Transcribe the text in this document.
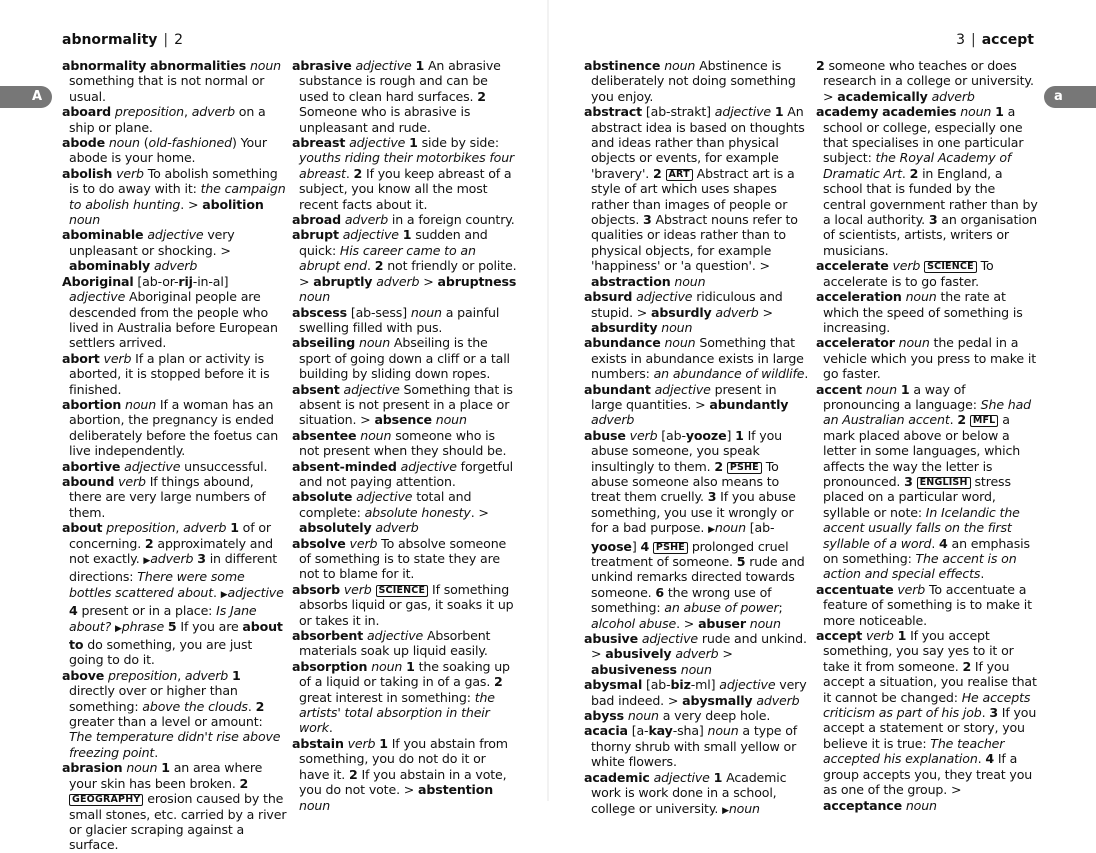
abnormality | 2
A
abnormality abnormalities noun something that is not normal or usual.
aboard preposition, adverb on a ship or plane.
abode noun (old-fashioned) Your abode is your home.
abolish verb To abolish something is to do away with it: the campaign to abolish hunting. > abolition noun
abominable adjective very unpleasant or shocking. > abominably adverb
Aboriginal [ab-or-rij-in-al] adjective Aboriginal people are descended from the people who lived in Australia before European settlers arrived.
abort verb If a plan or activity is aborted, it is stopped before it is finished.
abortion noun If a woman has an abortion, the pregnancy is ended deliberately before the foetus can live independently.
abortive adjective unsuccessful.
abound verb If things abound, there are very large numbers of them.
about preposition, adverb 1 of or concerning. 2 approximately and not exactly. ▶adverb 3 in different directions: There were some bottles scattered about. ▶adjective 4 present or in a place: Is Jane about? ▶phrase 5 If you are about to do something, you are just going to do it.
above preposition, adverb 1 directly over or higher than something: above the clouds. 2 greater than a level or amount: The temperature didn't rise above freezing point.
abrasion noun 1 an area where your skin has been broken. 2 GEOGRAPHY erosion caused by the small stones, etc. carried by a river or glacier scraping against a surface.
abrasive adjective 1 An abrasive substance is rough and can be used to clean hard surfaces. 2 Someone who is abrasive is unpleasant and rude.
abreast adjective 1 side by side: youths riding their motorbikes four abreast. 2 If you keep abreast of a subject, you know all the most recent facts about it.
abroad adverb in a foreign country.
abrupt adjective 1 sudden and quick: His career came to an abrupt end. 2 not friendly or polite. > abruptly adverb > abruptness noun
abscess [ab-sess] noun a painful swelling filled with pus.
abseiling noun Abseiling is the sport of going down a cliff or a tall building by sliding down ropes.
absent adjective Something that is absent is not present in a place or situation. > absence noun
absentee noun someone who is not present when they should be.
absent-minded adjective forgetful and not paying attention.
absolute adjective total and complete: absolute honesty. > absolutely adverb
absolve verb To absolve someone of something is to state they are not to blame for it.
absorb verb SCIENCE If something absorbs liquid or gas, it soaks it up or takes it in.
absorbent adjective Absorbent materials soak up liquid easily.
absorption noun 1 the soaking up of a liquid or taking in of a gas. 2 great interest in something: the artists' total absorption in their work.
abstain verb 1 If you abstain from something, you do not do it or have it. 2 If you abstain in a vote, you do not vote. > abstention noun
3 | accept
a
abstinence noun Abstinence is deliberately not doing something you enjoy.
abstract [ab-strakt] adjective 1 An abstract idea is based on thoughts and ideas rather than physical objects or events, for example 'bravery'. 2 ART Abstract art is a style of art which uses shapes rather than images of people or objects. 3 Abstract nouns refer to qualities or ideas rather than to physical objects, for example 'happiness' or 'a question'. > abstraction noun
absurd adjective ridiculous and stupid. > absurdly adverb > absurdity noun
abundance noun Something that exists in abundance exists in large numbers: an abundance of wildlife.
abundant adjective present in large quantities. > abundantly adverb
abuse verb [ab-yooze] 1 If you abuse someone, you speak insultingly to them. 2 PSHE To abuse someone also means to treat them cruelly. 3 If you abuse something, you use it wrongly or for a bad purpose. ▶noun [ab-yoose] 4 PSHE prolonged cruel treatment of someone. 5 rude and unkind remarks directed towards someone. 6 the wrong use of something: an abuse of power; alcohol abuse. > abuser noun
abusive adjective rude and unkind. > abusively adverb > abusiveness noun
abysmal [ab-biz-ml] adjective very bad indeed. > abysmally adverb
abyss noun a very deep hole.
acacia [a-kay-sha] noun a type of thorny shrub with small yellow or white flowers.
academic adjective 1 Academic work is work done in a school, college or university. ▶noun
2 someone who teaches or does research in a college or university. > academically adverb
academy academies noun 1 a school or college, especially one that specialises in one particular subject: the Royal Academy of Dramatic Art. 2 in England, a school that is funded by the central government rather than by a local authority. 3 an organisation of scientists, artists, writers or musicians.
accelerate verb SCIENCE To accelerate is to go faster.
acceleration noun the rate at which the speed of something is increasing.
accelerator noun the pedal in a vehicle which you press to make it go faster.
accent noun 1 a way of pronouncing a language: She had an Australian accent. 2 MFL a mark placed above or below a letter in some languages, which affects the way the letter is pronounced. 3 ENGLISH stress placed on a particular word, syllable or note: In Icelandic the accent usually falls on the first syllable of a word. 4 an emphasis on something: The accent is on action and special effects.
accentuate verb To accentuate a feature of something is to make it more noticeable.
accept verb 1 If you accept something, you say yes to it or take it from someone. 2 If you accept a situation, you realise that it cannot be changed: He accepts criticism as part of his job. 3 If you accept a statement or story, you believe it is true: The teacher accepted his explanation. 4 If a group accepts you, they treat you as one of the group. > acceptance noun
